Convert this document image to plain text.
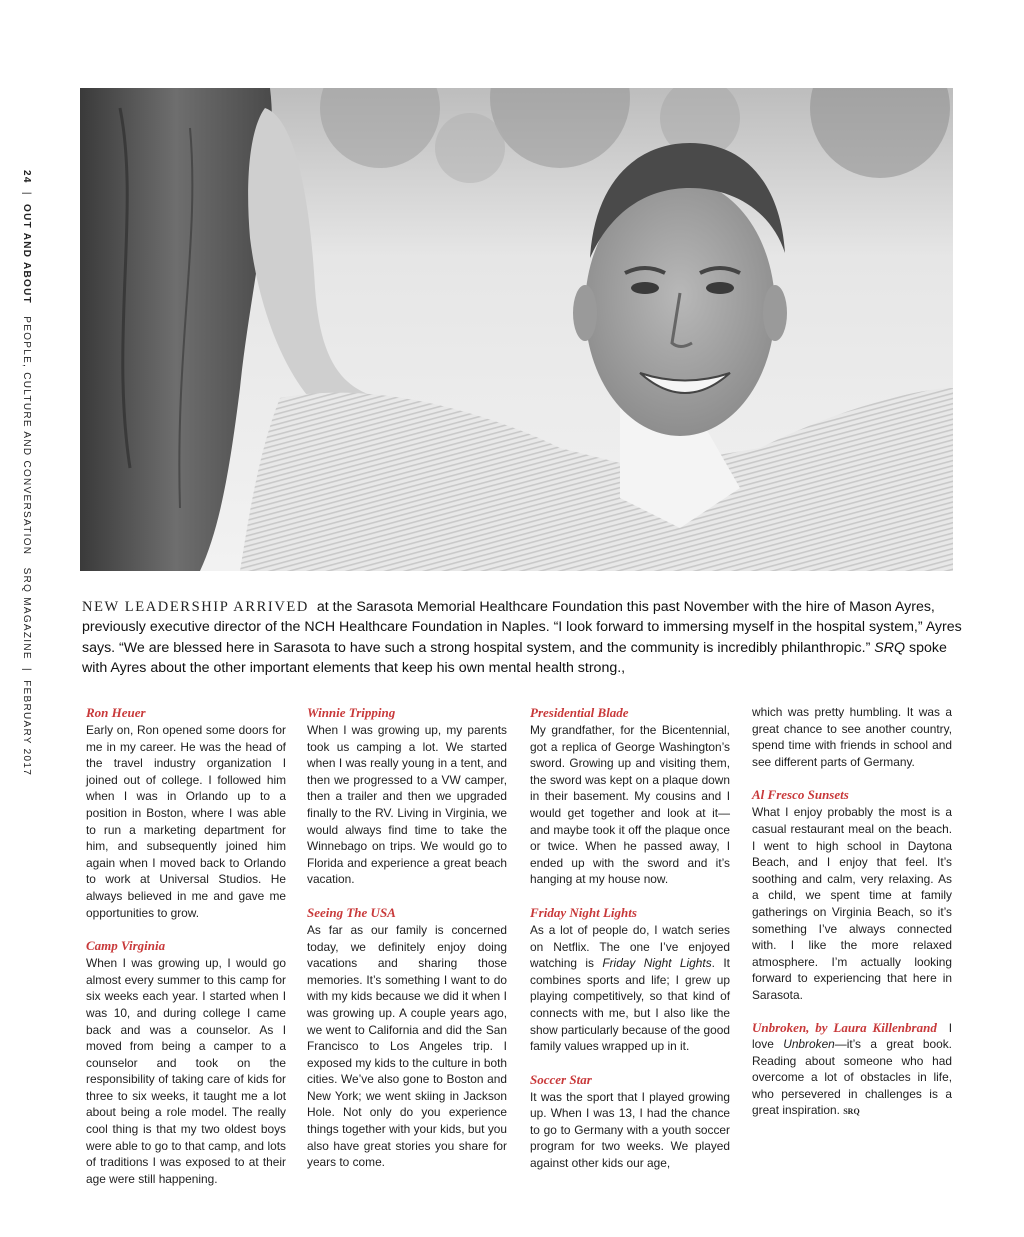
24  |  OUT AND ABOUT   PEOPLE, CULTURE AND CONVERSATION   SRQ MAGAZINE  |  FEBRUARY 2017
NEW LEADERSHIP ARRIVED at the Sarasota Memorial Healthcare Foundation this past November with the hire of Mason Ayres, previously executive director of the NCH Healthcare Foundation in Naples. “I look forward to immersing myself in the hospital system,” Ayres says. “We are blessed here in Sarasota to have such a strong hospital system, and the community is incredibly philanthropic.” SRQ spoke with Ayres about the other important elements that keep his own mental health strong.,
Ron Heuer

Early on, Ron opened some doors for me in my career. He was the head of the travel industry organization I joined out of college. I followed him when I was in Orlando up to a position in Boston, where I was able to run a marketing department for him, and subsequently joined him again when I moved back to Orlando to work at Universal Studios. He always believed in me and gave me opportunities to grow.

Camp Virginia

When I was growing up, I would go almost every summer to this camp for six weeks each year. I started when I was 10, and during college I came back and was a counselor. As I moved from being a camper to a counselor and took on the responsibility of taking care of kids for three to six weeks, it taught me a lot about being a role model. The really cool thing is that my two oldest boys were able to go to that camp, and lots of traditions I was exposed to at their age were still happening.

Winnie Tripping

When I was growing up, my parents took us camping a lot. We started when I was really young in a tent, and then we progressed to a VW camper, then a trailer and then we upgraded finally to the RV. Living in Virginia, we would always find time to take the Winnebago on trips. We would go to Florida and experience a great beach vacation.

Seeing The USA

As far as our family is concerned today, we definitely enjoy doing vacations and sharing those memories. It’s something I want to do with my kids because we did it when I was growing up. A couple years ago, we went to California and did the San Francisco to Los Angeles trip. I exposed my kids to the culture in both cities. We’ve also gone to Boston and New York; we went skiing in Jackson Hole. Not only do you experience things together with your kids, but you also have great stories you share for years to come.

Presidential Blade

My grandfather, for the Bicentennial, got a replica of George Washington’s sword. Growing up and visiting them, the sword was kept on a plaque down in their basement. My cousins and I would get together and look at it—and maybe took it off the plaque once or twice. When he passed away, I ended up with the sword and it’s hanging at my house now.

Friday Night Lights

As a lot of people do, I watch series on Netflix. The one I’ve enjoyed watching is Friday Night Lights. It combines sports and life; I grew up playing competitively, so that kind of connects with me, but I also like the show particularly because of the good family values wrapped up in it.

Soccer Star

It was the sport that I played growing up. When I was 13, I had the chance to go to Germany with a youth soccer program for two weeks. We played against other kids our age,

which was pretty humbling. It was a great chance to see another country, spend time with friends in school and see different parts of Germany.

Al Fresco Sunsets

What I enjoy probably the most is a casual restaurant meal on the beach. I went to high school in Daytona Beach, and I enjoy that feel. It’s soothing and calm, very relaxing. As a child, we spent time at family gatherings on Virginia Beach, so it’s something I’ve always connected with. I like the more relaxed atmosphere. I’m actually looking forward to experiencing that here in Sarasota.

Unbroken, by Laura Killenbrand I love Unbroken—it’s a great book. Reading about someone who had overcome a lot of obstacles in life, who persevered in challenges is a great inspiration. SRQ
